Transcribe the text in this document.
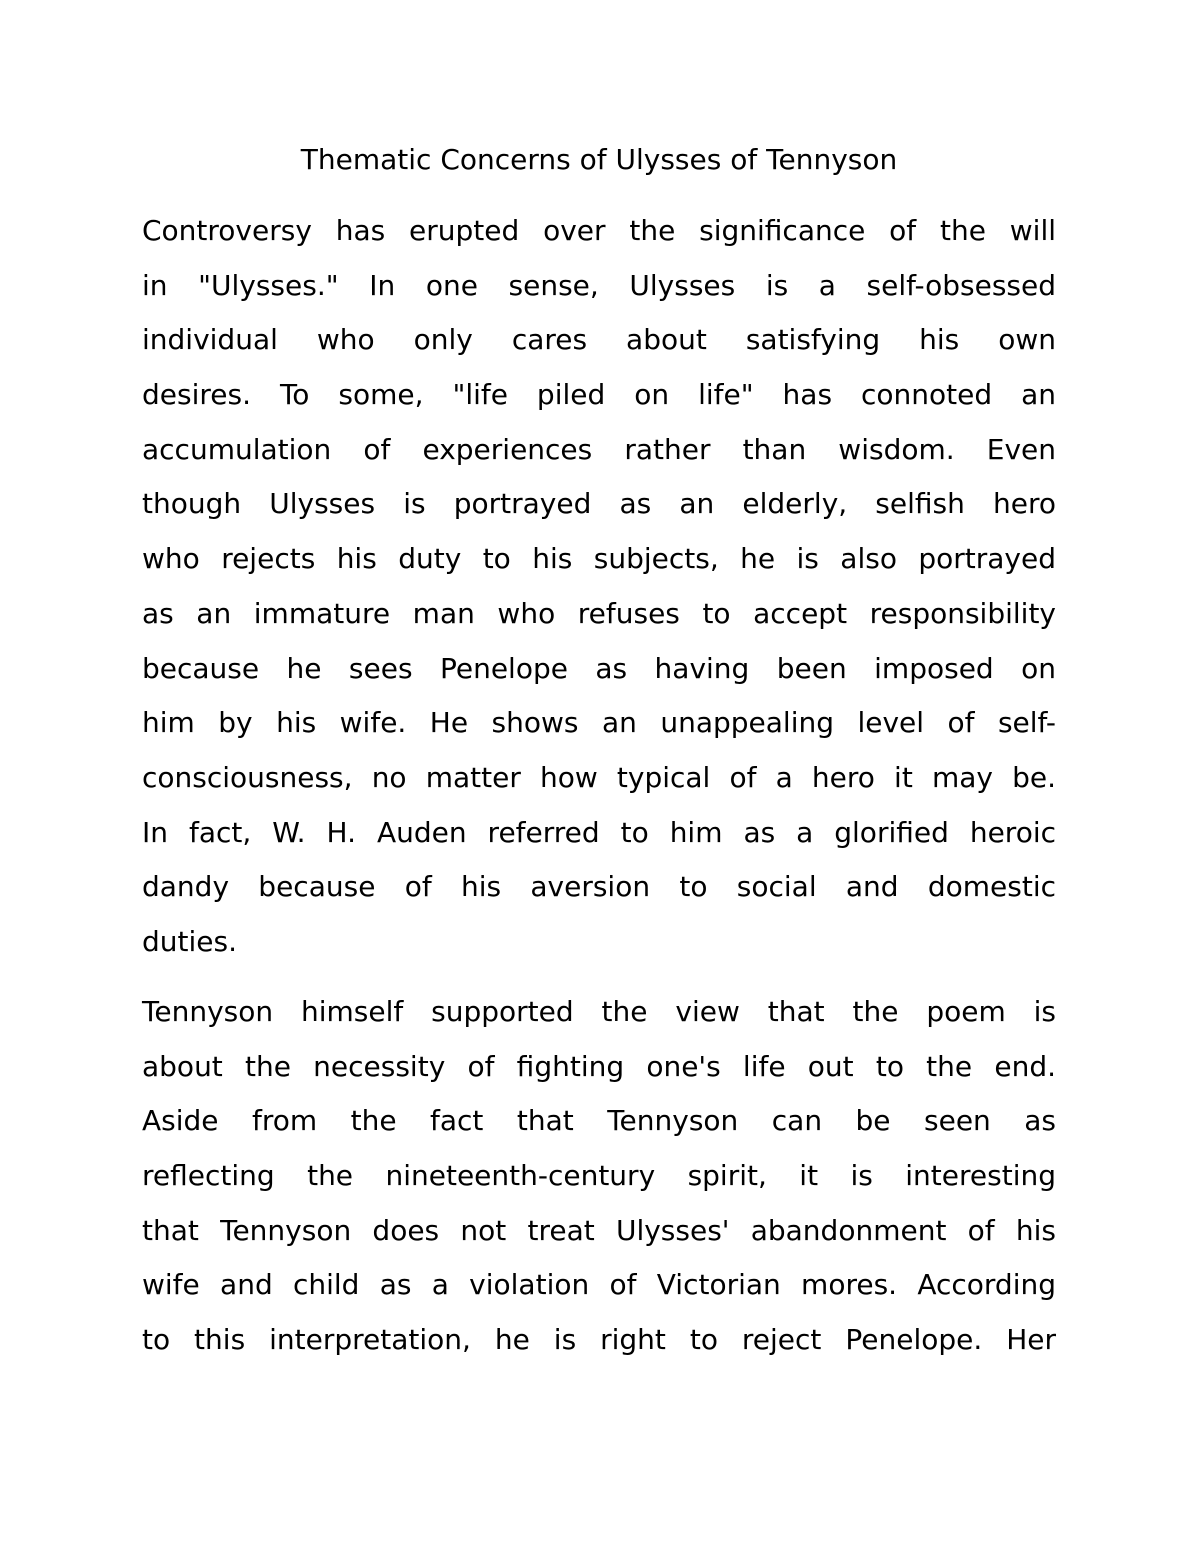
Thematic Concerns of Ulysses of Tennyson
Controversy has erupted over the significance of the will
in "Ulysses." In one sense, Ulysses is a self-obsessed
individual who only cares about satisfying his own
desires. To some, "life piled on life" has connoted an
accumulation of experiences rather than wisdom. Even
though Ulysses is portrayed as an elderly, selfish hero
who rejects his duty to his subjects, he is also portrayed
as an immature man who refuses to accept responsibility
because he sees Penelope as having been imposed on
him by his wife. He shows an unappealing level of self-
consciousness, no matter how typical of a hero it may be.
In fact, W. H. Auden referred to him as a glorified heroic
dandy because of his aversion to social and domestic
duties.
Tennyson himself supported the view that the poem is
about the necessity of fighting one's life out to the end.
Aside from the fact that Tennyson can be seen as
reflecting the nineteenth-century spirit, it is interesting
that Tennyson does not treat Ulysses' abandonment of his
wife and child as a violation of Victorian mores. According
to this interpretation, he is right to reject Penelope. Her
